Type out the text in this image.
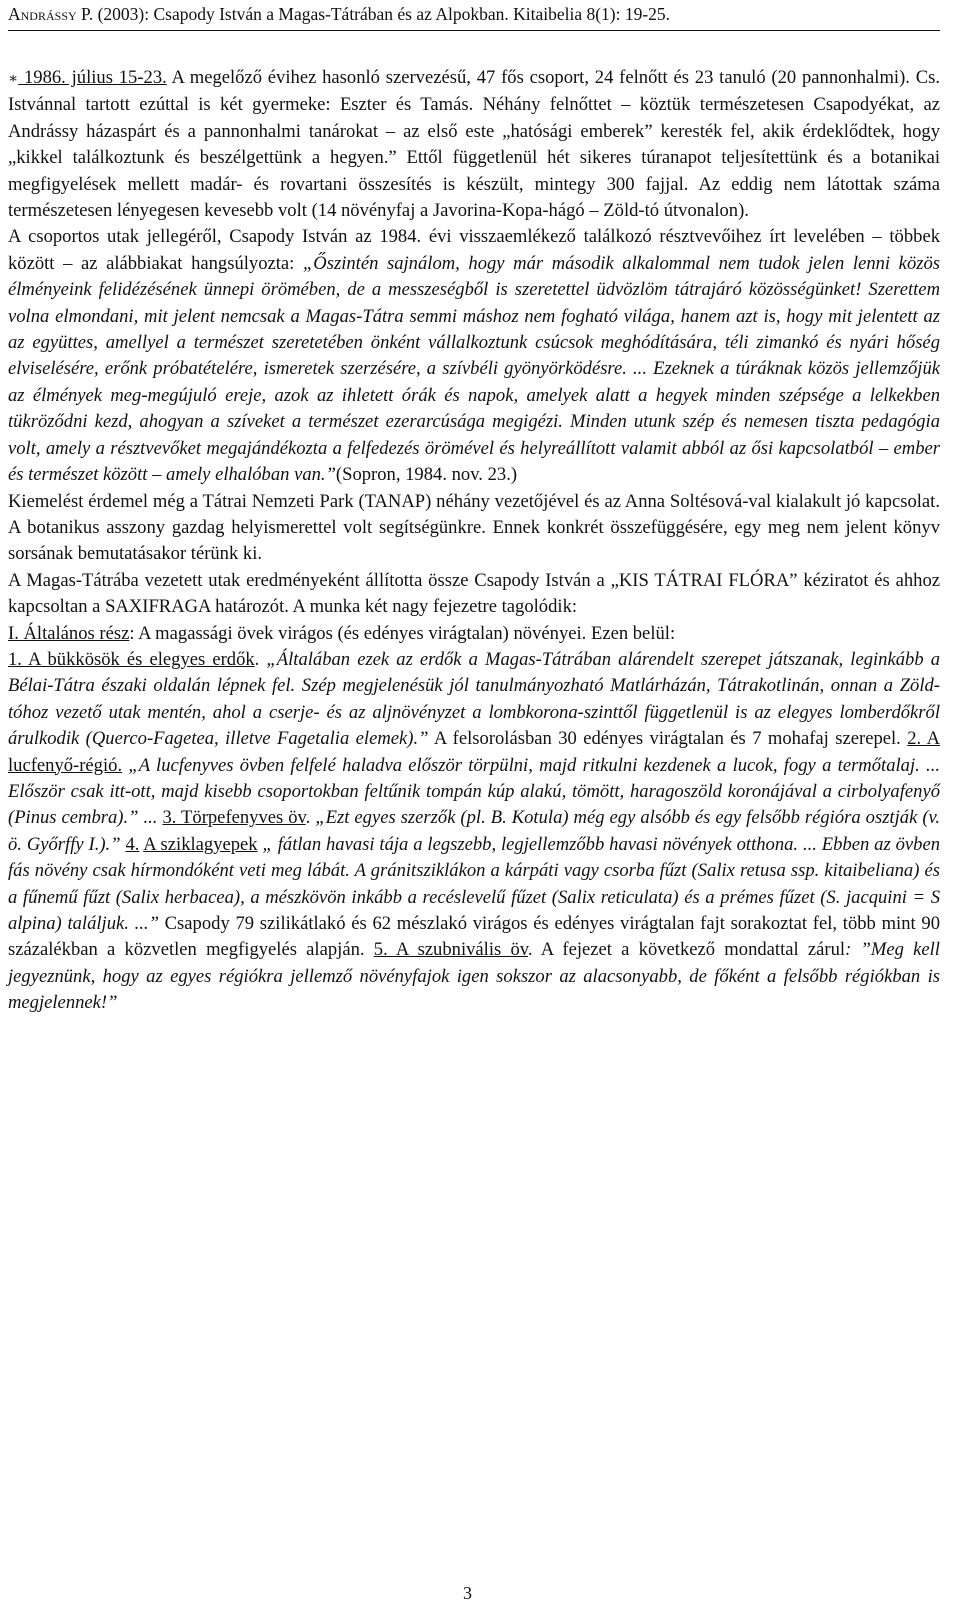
Andrássy P. (2003): Csapody István a Magas-Tátrában és az Alpokban. Kitaibelia 8(1): 19-25.

∗ 1986. július 15-23. A megelőző évihez hasonló szervezésű, 47 fős csoport, 24 felnőtt és 23 tanuló (20 pannonhalmi). Cs. Istvánnal tartott ezúttal is két gyermeke: Eszter és Tamás. Néhány felnőttet – köztük természetesen Csapodyékat, az Andrássy házaspárt és a pannonhalmi tanárokat – az első este „hatósági emberek” keresték fel, akik érdeklődtek, hogy „kikkel találkoztunk és beszélgettünk a hegyen.” Ettől függetlenül hét sikeres túranapot teljesítettünk és a botanikai megfigyelések mellett madár- és rovartani összesítés is készült, mintegy 300 fajjal. Az eddig nem látottak száma természetesen lényegesen kevesebb volt (14 növényfaj a Javorina-Kopa-hágó – Zöld-tó útvonalon).

A csoportos utak jellegéről, Csapody István az 1984. évi visszaemlékező találkozó résztvevőihez írt levelében – többek között – az alábbiakat hangsúlyozta: „Őszintén sajnálom, hogy már második alkalommal nem tudok jelen lenni közös élményeink felidézésének ünnepi örömében, de a messzeségből is szeretettel üdvözlöm tátrajáró közösségünket! Szerettem volna elmondani, mit jelent nemcsak a Magas-Tátra semmi máshoz nem fogható világa, hanem azt is, hogy mit jelentett az az együttes, amellyel a természet szeretetében önként vállalkoztunk csúcsok meghódítására, téli zimankó és nyári hőség elviselésére, erőnk próbatételére, ismeretek szerzésére, a szívbéli gyönyörködésre. ... Ezeknek a túráknak közös jellemzőjük az élmények meg-megújuló ereje, azok az ihletett órák és napok, amelyek alatt a hegyek minden szépsége a lelkekben tükröződni kezd, ahogyan a szíveket a természet ezerarcúsága megigézi. Minden utunk szép és nemesen tiszta pedagógia volt, amely a résztvevőket megajándékozta a felfedezés örömével és helyreállított valamit abból az ősi kapcsolatból – ember és természet között – amely elhalóban van.”(Sopron, 1984. nov. 23.)

Kiemelést érdemel még a Tátrai Nemzeti Park (TANAP) néhány vezetőjével és az Anna Soltésová-val kialakult jó kapcsolat. A botanikus asszony gazdag helyismerettel volt segítségünkre. Ennek konkrét összefüggésére, egy meg nem jelent könyv sorsának bemutatásakor térünk ki.

A Magas-Tátrába vezetett utak eredményeként állította össze Csapody István a „KIS TÁTRAI FLÓRA” kéziratot és ahhoz kapcsoltan a SAXIFRAGA határozót. A munka két nagy fejezetre tagolódik:

I. Általános rész: A magassági övek virágos (és edényes virágtalan) növényei. Ezen belül:

1. A bükkösök és elegyes erdők. „Általában ezek az erdők a Magas-Tátrában alárendelt szerepet játszanak, leginkább a Bélai-Tátra északi oldalán lépnek fel. Szép megjelenésük jól tanulmányozható Matlárházán, Tátrakotlinán, onnan a Zöld-tóhoz vezető utak mentén, ahol a cserje- és az aljnövényzet a lombkorona-szinttől függetlenül is az elegyes lomberdőkről árulkodik (Querco-Fagetea, illetve Fagetalia elemek).” A felsorolásban 30 edényes virágtalan és 7 mohafaj szerepel. 2. A lucfenyő-régió. „A lucfenyves övben felfelé haladva először törpülni, majd ritkulni kezdenek a lucok, fogy a termőtalaj. ... Először csak itt-ott, majd kisebb csoportokban feltűnik tompán kúp alakú, tömött, haragoszöld koronájával a cirbolyafenyő (Pinus cembra).” ... 3. Törpefenyves öv. „Ezt egyes szerzők (pl. B. Kotula) még egy alsóbb és egy felsőbb régióra osztják (v. ö. Győrffy I.).” 4. A sziklagyepek „ fátlan havasi tája a legszebb, legjellemzőbb havasi növények otthona. ... Ebben az övben fás növény csak hírmondóként veti meg lábát. A gránitsziklákon a kárpáti vagy csorba fűzt (Salix retusa ssp. kitaibeliana) és a fűnemű fűzt (Salix herbacea), a mészkövön inkább a recéslevelű fűzet (Salix reticulata) és a prémes fűzet (S. jacquini = S alpina) találjuk. ...” Csapody 79 szilikátlakó és 62 mészlakó virágos és edényes virágtalan fajt sorakoztat fel, több mint 90 százalékban a közvetlen megfigyelés alapján. 5. A szubnivális öv. A fejezet a következő mondattal zárul: ”Meg kell jegyeznünk, hogy az egyes régiókra jellemző növényfajok igen sokszor az alacsonyabb, de főként a felsőbb régiókban is megjelennek!”

3
